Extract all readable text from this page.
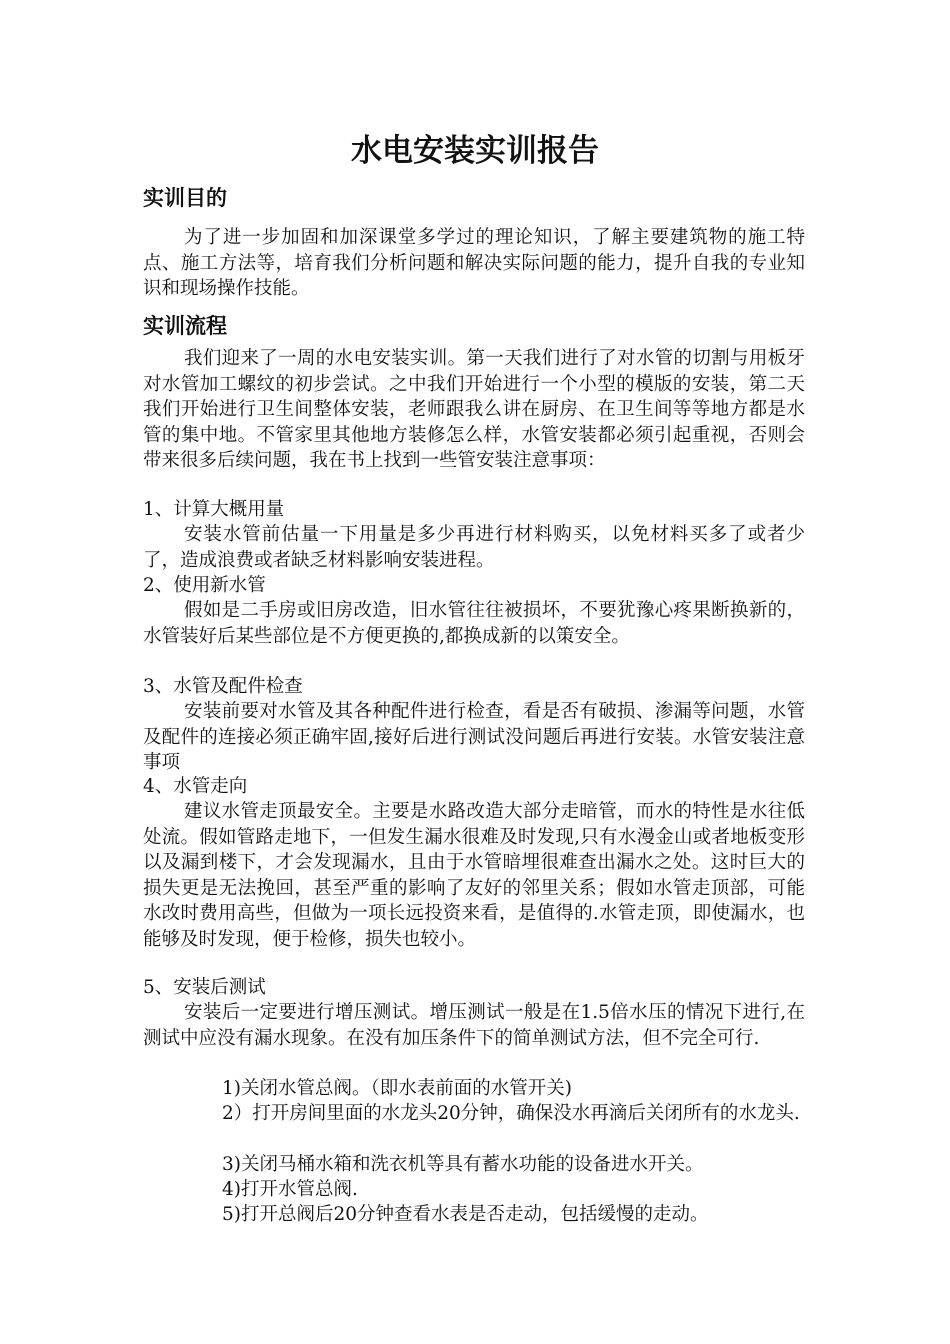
水电安装实训报告
实训目的

为了进一步加固和加深课堂多学过的理论知识，了解主要建筑物的施工特点、施工方法等，培育我们分析问题和解决实际问题的能力，提升自我的专业知识和现场操作技能。

实训流程

我们迎来了一周的水电安装实训。第一天我们进行了对水管的切割与用板牙对水管加工螺纹的初步尝试。之中我们开始进行一个小型的模版的安装，第二天我们开始进行卫生间整体安装，老师跟我么讲在厨房、在卫生间等等地方都是水管的集中地。不管家里其他地方装修怎么样，水管安装都必须引起重视，否则会带来很多后续问题，我在书上找到一些管安装注意事项：

1、计算大概用量

安装水管前估量一下用量是多少再进行材料购买，以免材料买多了或者少了，造成浪费或者缺乏材料影响安装进程。

2、使用新水管

假如是二手房或旧房改造，旧水管往往被损坏，不要犹豫心疼果断换新的，水管装好后某些部位是不方便更换的,都换成新的以策安全。

3、水管及配件检查

安装前要对水管及其各种配件进行检查，看是否有破损、渗漏等问题，水管及配件的连接必须正确牢固,接好后进行测试没问题后再进行安装。水管安装注意事项

4、水管走向

建议水管走顶最安全。主要是水路改造大部分走暗管，而水的特性是水往低处流。假如管路走地下，一但发生漏水很难及时发现,只有水漫金山或者地板变形以及漏到楼下，才会发现漏水，且由于水管暗埋很难查出漏水之处。这时巨大的损失更是无法挽回，甚至严重的影响了友好的邻里关系；假如水管走顶部，可能水改时费用高些，但做为一项长远投资来看，是值得的.水管走顶，即使漏水，也能够及时发现，便于检修，损失也较小。

5、安装后测试

安装后一定要进行增压测试。增压测试一般是在1.5倍水压的情况下进行,在测试中应没有漏水现象。在没有加压条件下的简单测试方法，但不完全可行.

1)关闭水管总阀。（即水表前面的水管开关)

2）打开房间里面的水龙头20分钟，确保没水再滴后关闭所有的水龙头.

3)关闭马桶水箱和洗衣机等具有蓄水功能的设备进水开关。

4)打开水管总阀.

5)打开总阀后20分钟查看水表是否走动，包括缓慢的走动。
